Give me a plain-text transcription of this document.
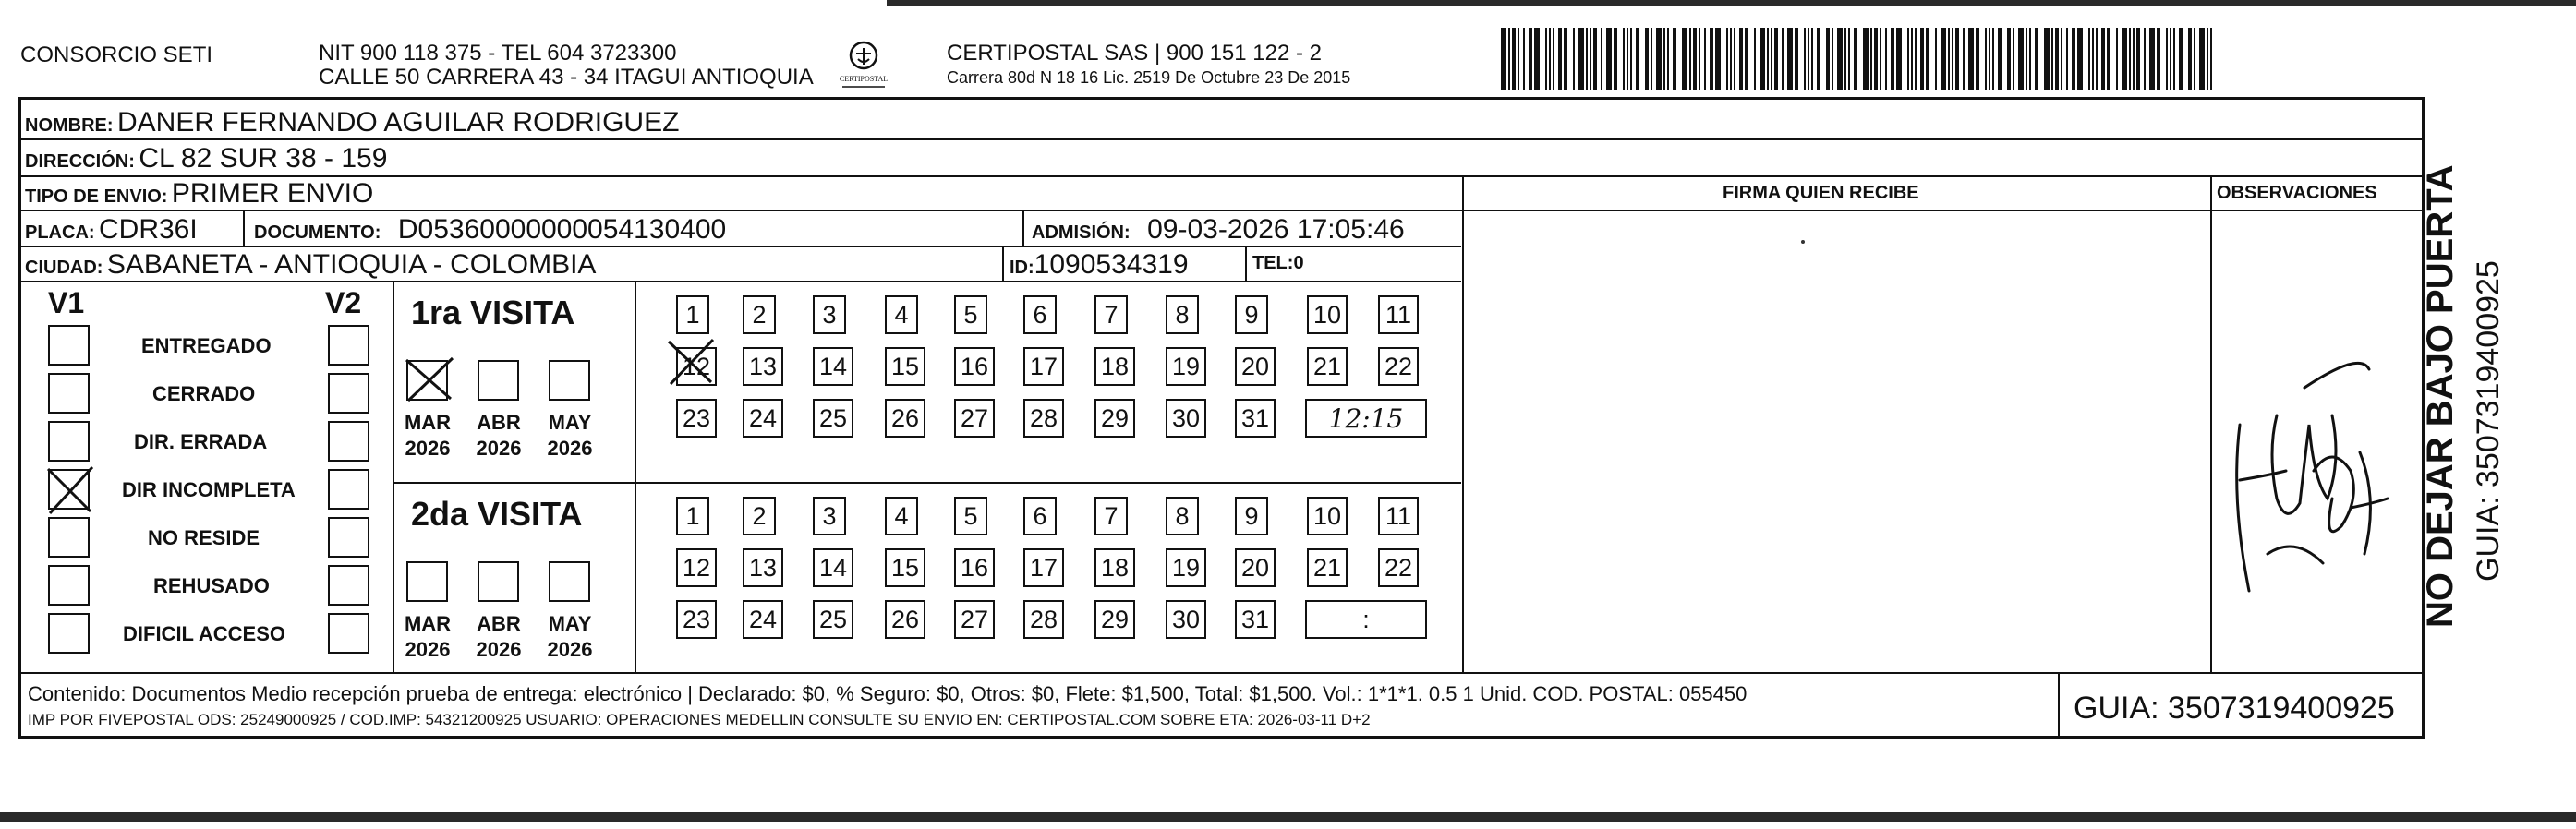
CONSORCIO SETI	NIT 900 118 375 - TEL 604 3723300
CALLE 50 CARRERA 43 - 34 ITAGUI ANTIOQUIA	CERTIPOSTAL
CERTIPOSTAL SAS | 900 151 122 - 2
Carrera 80d N 18 16 Lic. 2519 De Octubre 23 De 2015
NOMBRE: DANER FERNANDO AGUILAR RODRIGUEZ
DIRECCIÓN: CL 82 SUR 38 - 159
TIPO DE ENVIO: PRIMER ENVIO	FIRMA QUIEN RECIBE	OBSERVACIONES
PLACA: CDR36I	DOCUMENTO: D05360000000054130400	ADMISIÓN: 09-03-2026 17:05:46
CIUDAD: SABANETA - ANTIOQUIA - COLOMBIA	ID:1090534319	TEL:0
V1	V2
ENTREGADO
CERRADO
DIR. ERRADA
DIR INCOMPLETA
NO RESIDE
REHUSADO
DIFICIL ACCESO
1ra VISITA
MAR
2026
ABR
2026
MAY
2026
1	2	3	4	5	6	7	8	9	10 11
12 13 14 15 16 17 18 19 20 21 22
23 24 25 26 27 28 29 30 31	12:15
2da VISITA
MAR
2026
ABR
2026
MAY
2026
1	2	3	4	5	6	7	8	9	10 11
12 13 14 15 16 17 18 19 20 21 22
23 24 25 26 27 28 29 30 31	:
Contenido: Documentos Medio recepción prueba de entrega: electrónico | Declarado: $0, % Seguro: $0, Otros: $0, Flete: $1,500, Total: $1,500. Vol.: 1*1*1. 0.5 1 Unid. COD. POSTAL: 055450
IMP POR FIVEPOSTAL ODS: 25249000925 / COD.IMP: 54321200925 USUARIO: OPERACIONES MEDELLIN CONSULTE SU ENVIO EN: CERTIPOSTAL.COM SOBRE ETA: 2026-03-11 D+2	GUIA: 3507319400925
NO DEJAR BAJO PUERTA GUIA: 3507319400925
